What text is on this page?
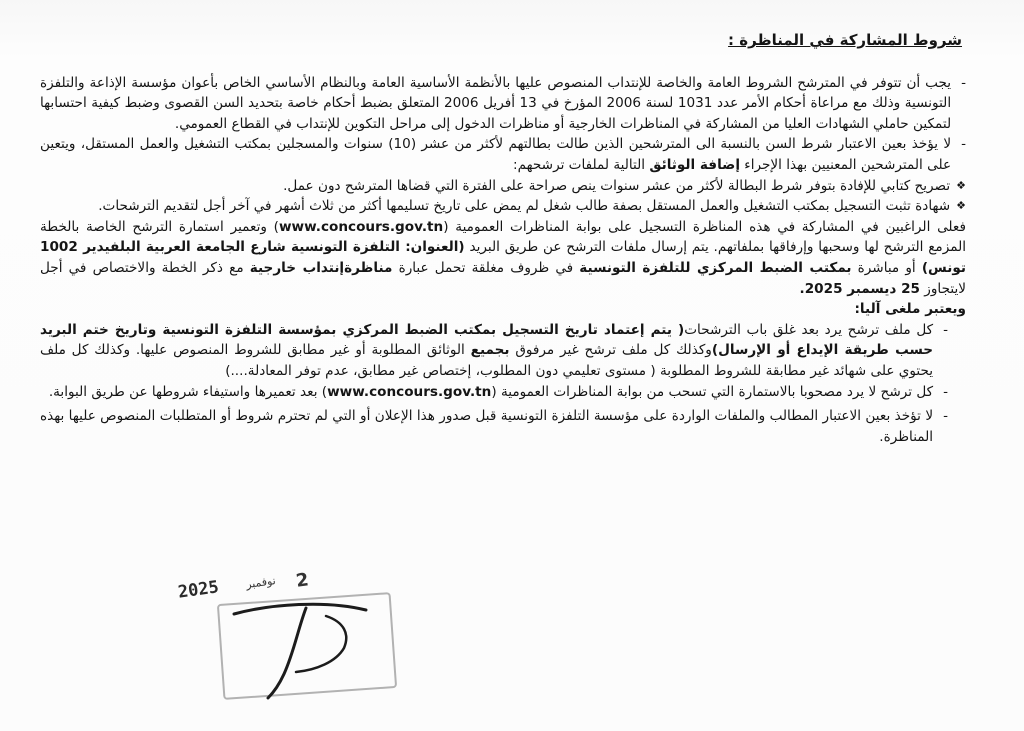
شروط المشاركة في المناظرة :
-

يجب أن تتوفر في المترشح الشروط العامة والخاصة للإنتداب المنصوص عليها بالأنظمة الأساسية العامة وبالنظام الأساسي الخاص بأعوان مؤسسة الإذاعة والتلفزة التونسية وذلك مع مراعاة أحكام الأمر عدد 1031 لسنة 2006 المؤرخ في 13 أفريل 2006 المتعلق بضبط أحكام خاصة بتحديد السن القصوى وضبط كيفية احتسابها لتمكين حاملي الشهادات العليا من المشاركة في المناظرات الخارجية أو مناظرات الدخول إلى مراحل التكوين للإنتداب في القطاع العمومي.

-

لا يؤخذ بعين الاعتبار شرط السن بالنسبة الى المترشحين الذين طالت بطالتهم لأكثر من عشر (10) سنوات والمسجلين بمكتب التشغيل والعمل المستقل، ويتعين على المترشحين المعنيين بهذا الإجراء إضافة الوثائق التالية لملفات ترشحهم:

❖

تصريح كتابي للإفادة بتوفر شرط البطالة لأكثر من عشر سنوات ينص صراحة على الفترة التي قضاها المترشح دون عمل.

❖

شهادة تثبت التسجيل بمكتب التشغيل والعمل المستقل بصفة طالب شغل لم يمض على تاريخ تسليمها أكثر من ثلاث أشهر في آخر أجل لتقديم الترشحات.

فعلى الراغبين في المشاركة في هذه المناظرة التسجيل على بوابة المناظرات العمومية (www.concours.gov.tn) وتعمير استمارة الترشح الخاصة بالخطة المزمع الترشح لها وسحبها وإرفاقها بملفاتهم. يتم إرسال ملفات الترشح عن طريق البريد (العنوان: التلفزة التونسية شارع الجامعة العربية البلفيدير 1002 تونس) أو مباشرة بمكتب الضبط المركزي للتلفزة التونسية في ظروف مغلقة تحمل عبارة مناظرةإنتداب خارجية مع ذكر الخطة والاختصاص في أجل لايتجاوز 25 ديسمبر 2025.

ويعتبر ملغى آليا:

-

كل ملف ترشح يرد بعد غلق باب الترشحات( يتم إعتماد تاريخ التسجيل بمكتب الضبط المركزي بمؤسسة التلفزة التونسية وتاريخ ختم البريد حسب طريقة الإيداع أو الإرسال)وكذلك كل ملف ترشح غير مرفوق بجميع الوثائق المطلوبة أو غير مطابق للشروط المنصوص عليها. وكذلك كل ملف يحتوي على شهائد غير مطابقة للشروط المطلوبة ( مستوى تعليمي دون المطلوب، إختصاص غير مطابق، عدم توفر المعادلة....)

-

كل ترشح لا يرد مصحوبا بالاستمارة التي تسحب من بوابة المناظرات العمومية (www.concours.gov.tn) بعد تعميرها واستيفاء شروطها عن طريق البوابة.

-

لا تؤخذ بعين الاعتبار المطالب والملفات الواردة على مؤسسة التلفزة التونسية قبل صدور هذا الإعلان أو التي لم تحترم شروط أو المتطلبات المنصوص عليها بهذه المناظرة.

2025 نوفمبر 2
